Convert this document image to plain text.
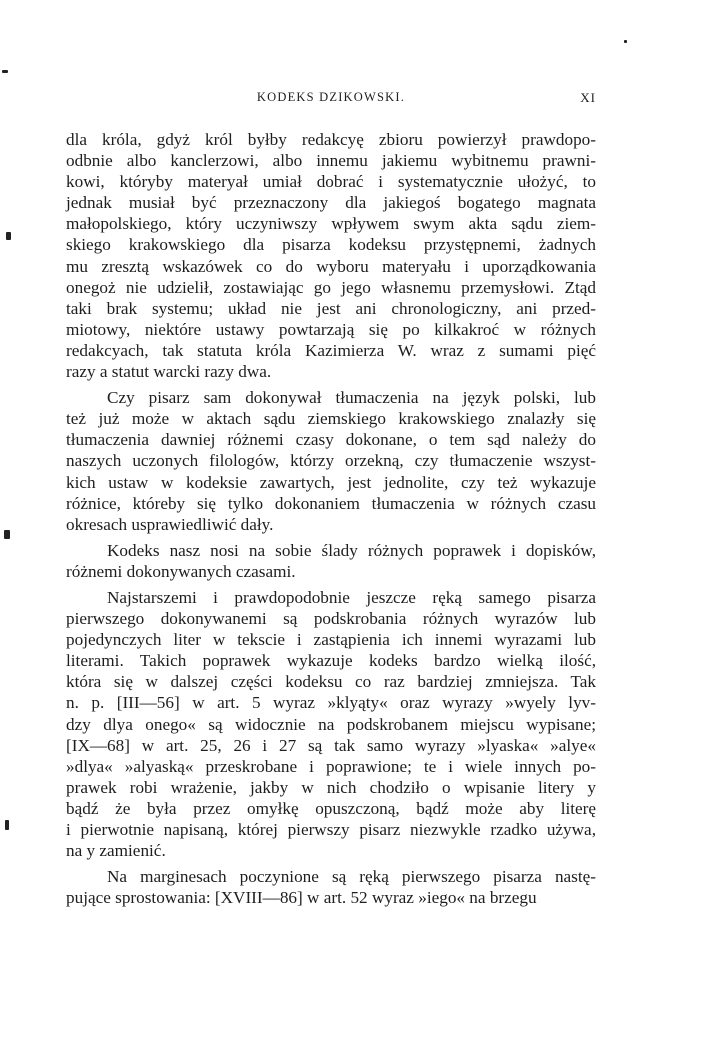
KODEKS DZIKOWSKI.	XI
dla króla, gdyż król byłby redakcyę zbioru powierzył prawdopo-
odbnie albo kanclerzowi, albo innemu jakiemu wybitnemu prawni-
kowi, któryby materyał umiał dobrać i systematycznie ułożyć, to
jednak musiał być przeznaczony dla jakiegoś bogatego magnata
małopolskiego, który uczyniwszy wpływem swym akta sądu ziem-
skiego krakowskiego dla pisarza kodeksu przystępnemi, żadnych
mu zresztą wskazówek co do wyboru materyału i uporządkowania
onegoż nie udzielił, zostawiając go jego własnemu przemysłowi. Ztąd
taki brak systemu; układ nie jest ani chronologiczny, ani przed-
miotowy, niektóre ustawy powtarzają się po kilkakroć w różnych
redakcyach, tak statuta króla Kazimierza W. wraz z sumami pięć
razy a statut warcki razy dwa.
Czy pisarz sam dokonywał tłumaczenia na język polski, lub
też już może w aktach sądu ziemskiego krakowskiego znalazły się
tłumaczenia dawniej różnemi czasy dokonane, o tem sąd należy do
naszych uczonych filologów, którzy orzekną, czy tłumaczenie wszyst-
kich ustaw w kodeksie zawartych, jest jednolite, czy też wykazuje
różnice, któreby się tylko dokonaniem tłumaczenia w różnych czasu
okresach usprawiedliwić dały.
Kodeks nasz nosi na sobie ślady różnych poprawek i dopisków,
różnemi dokonywanych czasami.
Najstarszemi i prawdopodobnie jeszcze ręką samego pisarza
pierwszego dokonywanemi są podskrobania różnych wyrazów lub
pojedynczych liter w tekscie i zastąpienia ich innemi wyrazami lub
literami. Takich poprawek wykazuje kodeks bardzo wielką ilość,
która się w dalszej części kodeksu co raz bardziej zmniejsza. Tak
n. p. [III—56] w art. 5 wyraz »klyąty« oraz wyrazy »wyely lyv-
dzy dlya onego« są widocznie na podskrobanem miejscu wypisane;
[IX—68] w art. 25, 26 i 27 są tak samo wyrazy »lyaska« »alye«
»dlya« »alyaską« przeskrobane i poprawione; te i wiele innych po-
prawek robi wrażenie, jakby w nich chodziło o wpisanie litery y
bądź że była przez omyłkę opuszczoną, bądź może aby literę
i pierwotnie napisaną, której pierwszy pisarz niezwykle rzadko używa,
na y zamienić.
Na marginesach poczynione są ręką pierwszego pisarza nastę-
pujące sprostowania: [XVIII—86] w art. 52 wyraz »iego« na brzegu
